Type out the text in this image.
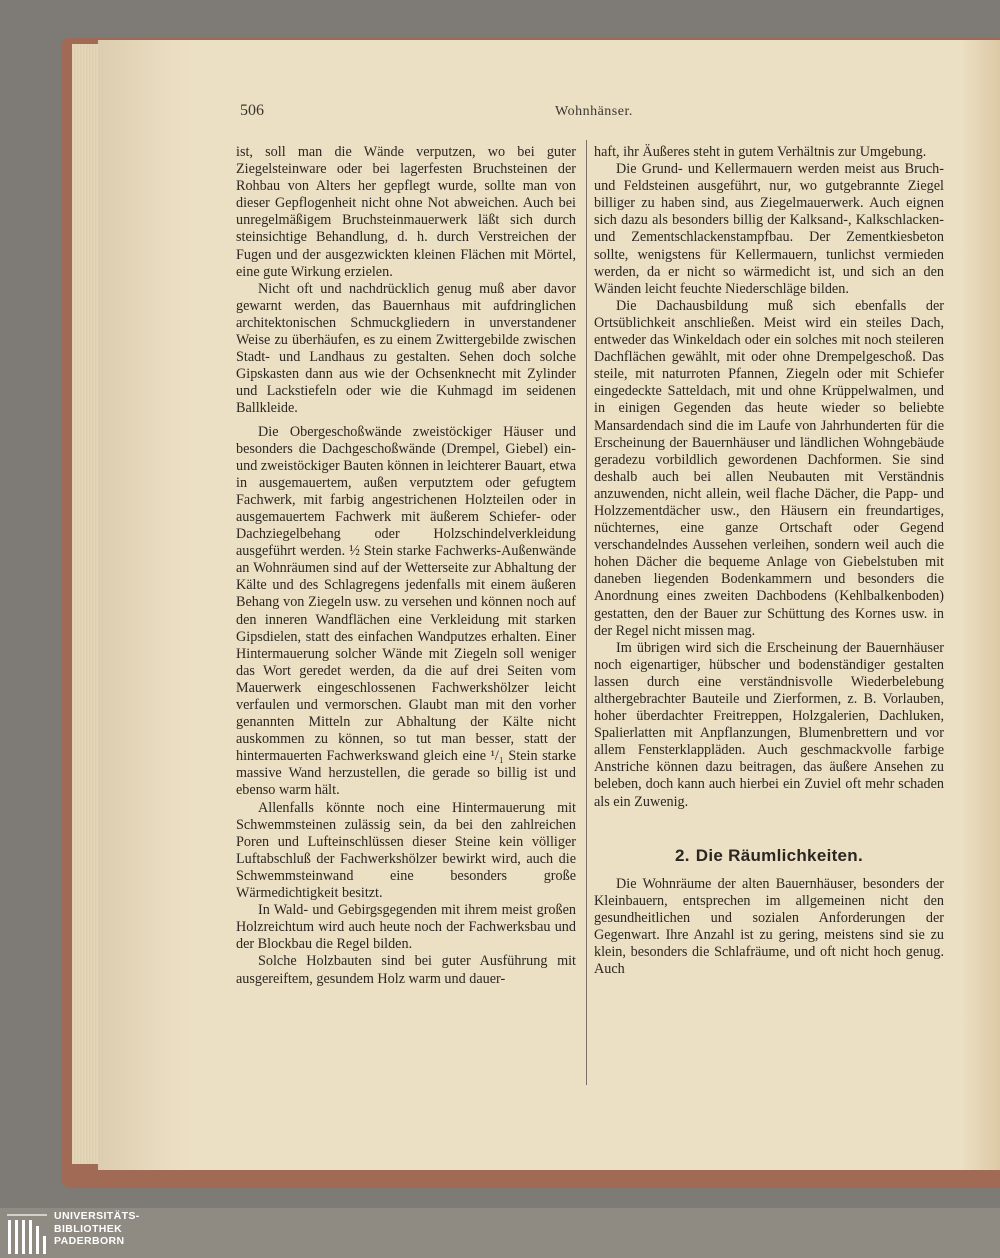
506	Wohnhänser.

ist, soll man die Wände verputzen, wo bei guter Ziegelsteinware oder bei lagerfesten Bruchsteinen der Rohbau von Alters her gepflegt wurde, sollte man von dieser Gepflogenheit nicht ohne Not abweichen. Auch bei unregelmäßigem Bruchsteinmauerwerk läßt sich durch steinsichtige Behandlung, d. h. durch Verstreichen der Fugen und der ausgezwickten kleinen Flächen mit Mörtel, eine gute Wirkung erzielen.

Nicht oft und nachdrücklich genug muß aber davor gewarnt werden, das Bauernhaus mit aufdringlichen architektonischen Schmuckgliedern in unverstandener Weise zu überhäufen, es zu einem Zwittergebilde zwischen Stadt- und Landhaus zu gestalten. Sehen doch solche Gipskasten dann aus wie der Ochsenknecht mit Zylinder und Lackstiefeln oder wie die Kuhmagd im seidenen Ballkleide.

Die Obergeschoßwände zweistöckiger Häuser und besonders die Dachgeschoßwände (Drempel, Giebel) ein- und zweistöckiger Bauten können in leichterer Bauart, etwa in ausgemauertem, außen verputztem oder gefugtem Fachwerk, mit farbig angestrichenen Holzteilen oder in ausgemauertem Fachwerk mit äußerem Schiefer- oder Dachziegelbehang oder Holzschindelverkleidung ausgeführt werden. ½ Stein starke Fachwerks-Außenwände an Wohnräumen sind auf der Wetterseite zur Abhaltung der Kälte und des Schlagregens jedenfalls mit einem äußeren Behang von Ziegeln usw. zu versehen und können noch auf den inneren Wandflächen eine Verkleidung mit starken Gipsdielen, statt des einfachen Wandputzes erhalten. Einer Hintermauerung solcher Wände mit Ziegeln soll weniger das Wort geredet werden, da die auf drei Seiten vom Mauerwerk eingeschlossenen Fachwerkshölzer leicht verfaulen und vermorschen. Glaubt man mit den vorher genannten Mitteln zur Abhaltung der Kälte nicht auskommen zu können, so tut man besser, statt der hintermauerten Fachwerkswand gleich eine ¹/₁ Stein starke massive Wand herzustellen, die gerade so billig ist und ebenso warm hält.

Allenfalls könnte noch eine Hintermauerung mit Schwemmsteinen zulässig sein, da bei den zahlreichen Poren und Lufteinschlüssen dieser Steine kein völliger Luftabschluß der Fachwerkshölzer bewirkt wird, auch die Schwemmsteinwand eine besonders große Wärmedichtigkeit besitzt.

In Wald- und Gebirgsgegenden mit ihrem meist großen Holzreichtum wird auch heute noch der Fachwerksbau und der Blockbau die Regel bilden.

Solche Holzbauten sind bei guter Ausführung mit ausgereiftem, gesundem Holz warm und dauer-

haft, ihr Äußeres steht in gutem Verhältnis zur Umgebung.

Die Grund- und Kellermauern werden meist aus Bruch- und Feldsteinen ausgeführt, nur, wo gutgebrannte Ziegel billiger zu haben sind, aus Ziegelmauerwerk. Auch eignen sich dazu als besonders billig der Kalksand-, Kalkschlacken- und Zementschlackenstampfbau. Der Zementkiesbeton sollte, wenigstens für Kellermauern, tunlichst vermieden werden, da er nicht so wärmedicht ist, und sich an den Wänden leicht feuchte Niederschläge bilden.

Die Dachausbildung muß sich ebenfalls der Ortsüblichkeit anschließen. Meist wird ein steiles Dach, entweder das Winkeldach oder ein solches mit noch steileren Dachflächen gewählt, mit oder ohne Drempelgeschoß. Das steile, mit naturroten Pfannen, Ziegeln oder mit Schiefer eingedeckte Satteldach, mit und ohne Krüppelwalmen, und in einigen Gegenden das heute wieder so beliebte Mansardendach sind die im Laufe von Jahrhunderten für die Erscheinung der Bauernhäuser und ländlichen Wohngebäude geradezu vorbildlich gewordenen Dachformen. Sie sind deshalb auch bei allen Neubauten mit Verständnis anzuwenden, nicht allein, weil flache Dächer, die Papp- und Holzzementdächer usw., den Häusern ein freundartiges, nüchternes, eine ganze Ortschaft oder Gegend verschandelndes Aussehen verleihen, sondern weil auch die hohen Dächer die bequeme Anlage von Giebelstuben mit daneben liegenden Bodenkammern und besonders die Anordnung eines zweiten Dachbodens (Kehlbalkenboden) gestatten, den der Bauer zur Schüttung des Kornes usw. in der Regel nicht missen mag.

Im übrigen wird sich die Erscheinung der Bauernhäuser noch eigenartiger, hübscher und bodenständiger gestalten lassen durch eine verständnisvolle Wiederbelebung althergebrachter Bauteile und Zierformen, z. B. Vorlauben, hoher überdachter Freitreppen, Holzgalerien, Dachluken, Spalierlatten mit Anpflanzungen, Blumenbrettern und vor allem Fensterklappläden. Auch geschmackvolle farbige Anstriche können dazu beitragen, das äußere Ansehen zu beleben, doch kann auch hierbei ein Zuviel oft mehr schaden als ein Zuwenig.

2. Die Räumlichkeiten.

Die Wohnräume der alten Bauernhäuser, besonders der Kleinbauern, entsprechen im allgemeinen nicht den gesundheitlichen und sozialen Anforderungen der Gegenwart. Ihre Anzahl ist zu gering, meistens sind sie zu klein, besonders die Schlafräume, und oft nicht hoch genug. Auch

UNIVERSITÄTS-
BIBLIOTHEK
PADERBORN
